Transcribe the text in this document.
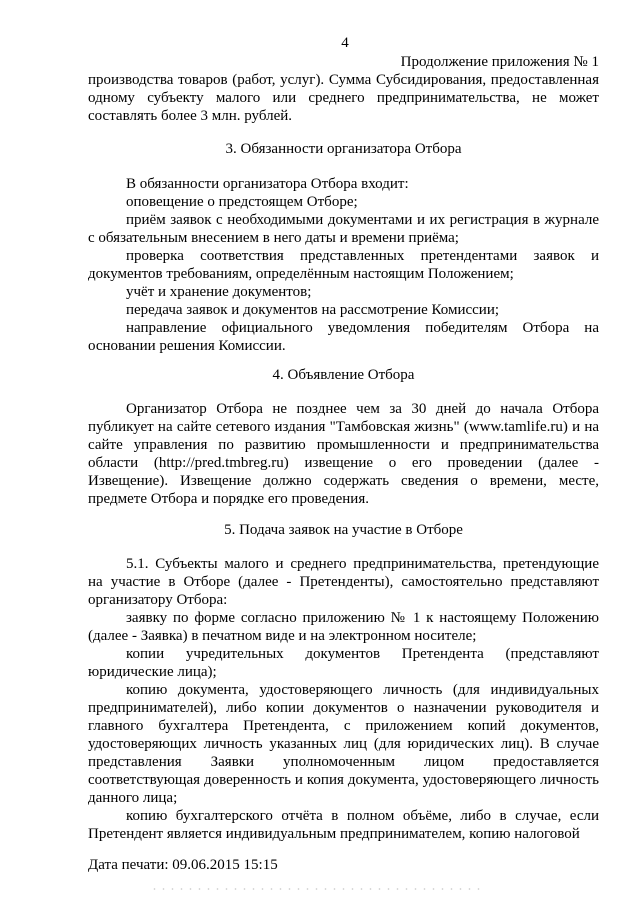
4
Продолжение приложения № 1

производства товаров (работ, услуг). Сумма Субсидирования, предоставленная одному субъекту малого или среднего предпринимательства, не может составлять более 3 млн. рублей.

3. Обязанности организатора Отбора

В обязанности организатора Отбора входит:

оповещение о предстоящем Отборе;

приём заявок с необходимыми документами и их регистрация в журнале с обязательным внесением в него даты и времени приёма;

проверка соответствия представленных претендентами заявок и документов требованиям, определённым настоящим Положением;

учёт и хранение документов;

передача заявок и документов на рассмотрение Комиссии;

направление официального уведомления победителям Отбора на основании решения Комиссии.

4. Объявление Отбора

Организатор Отбора не позднее чем за 30 дней до начала Отбора публикует на сайте сетевого издания "Тамбовская жизнь" (www.tamlife.ru) и на сайте управления по развитию промышленности и предпринимательства области (http://pred.tmbreg.ru) извещение о его проведении (далее - Извещение). Извещение должно содержать сведения о времени, месте, предмете Отбора и порядке его проведения.

5. Подача заявок на участие в Отборе

5.1. Субъекты малого и среднего предпринимательства, претендующие на участие в Отборе (далее - Претенденты), самостоятельно представляют организатору Отбора:

заявку по форме согласно приложению № 1 к настоящему Положению (далее - Заявка) в печатном виде и на электронном носителе;

копии учредительных документов Претендента (представляют юридические лица);

копию документа, удостоверяющего личность (для индивидуальных предпринимателей), либо копии документов о назначении руководителя и главного бухгалтера Претендента, с приложением копий документов, удостоверяющих личность указанных лиц (для юридических лиц). В случае представления Заявки уполномоченным лицом предоставляется соответствующая доверенность и копия документа, удостоверяющего личность данного лица;

копию бухгалтерского отчёта в полном объёме, либо в случае, если Претендент является индивидуальным предпринимателем, копию налоговой

Дата печати: 09.06.2015 15:15
